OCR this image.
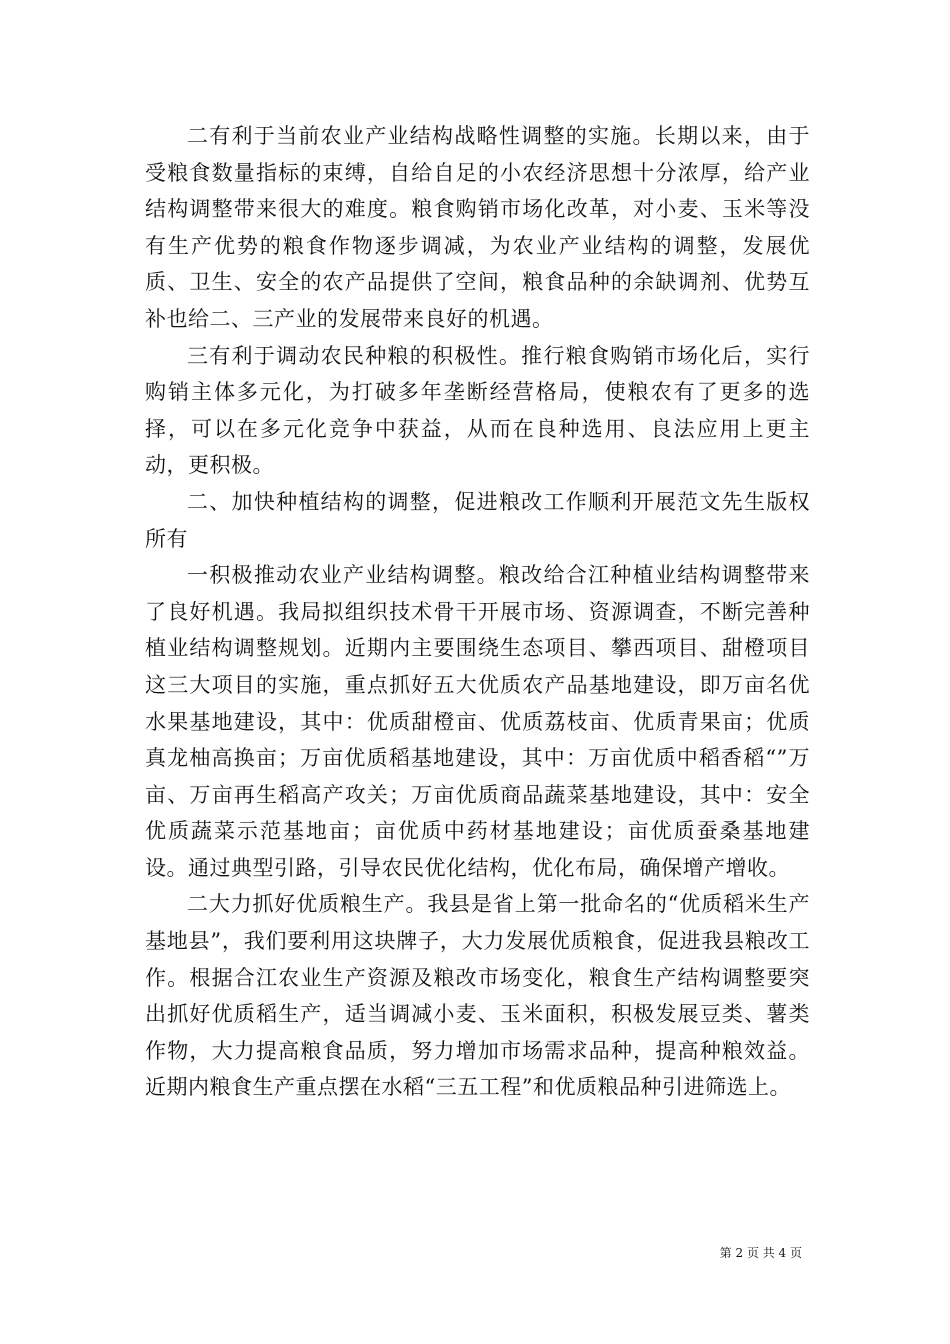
二有利于当前农业产业结构战略性调整的实施。长期以来，由于受粮食数量指标的束缚，自给自足的小农经济思想十分浓厚，给产业结构调整带来很大的难度。粮食购销市场化改革，对小麦、玉米等没有生产优势的粮食作物逐步调减，为农业产业结构的调整，发展优质、卫生、安全的农产品提供了空间，粮食品种的余缺调剂、优势互补也给二、三产业的发展带来良好的机遇。

三有利于调动农民种粮的积极性。推行粮食购销市场化后，实行购销主体多元化，为打破多年垄断经营格局，使粮农有了更多的选择，可以在多元化竞争中获益，从而在良种选用、良法应用上更主动，更积极。

二、加快种植结构的调整，促进粮改工作顺利开展范文先生版权所有

一积极推动农业产业结构调整。粮改给合江种植业结构调整带来了良好机遇。我局拟组织技术骨干开展市场、资源调查，不断完善种植业结构调整规划。近期内主要围绕生态项目、攀西项目、甜橙项目这三大项目的实施，重点抓好五大优质农产品基地建设，即万亩名优水果基地建设，其中：优质甜橙亩、优质荔枝亩、优质青果亩；优质真龙柚高换亩；万亩优质稻基地建设，其中：万亩优质中稻香稻“”万亩、万亩再生稻高产攻关；万亩优质商品蔬菜基地建设，其中：安全优质蔬菜示范基地亩；亩优质中药材基地建设；亩优质蚕桑基地建设。通过典型引路，引导农民优化结构，优化布局，确保增产增收。

二大力抓好优质粮生产。我县是省上第一批命名的“优质稻米生产基地县”，我们要利用这块牌子，大力发展优质粮食，促进我县粮改工作。根据合江农业生产资源及粮改市场变化，粮食生产结构调整要突出抓好优质稻生产，适当调减小麦、玉米面积，积极发展豆类、薯类作物，大力提高粮食品质，努力增加市场需求品种，提高种粮效益。近期内粮食生产重点摆在水稻“三五工程”和优质粮品种引进筛选上。

第 2 页 共 4 页
